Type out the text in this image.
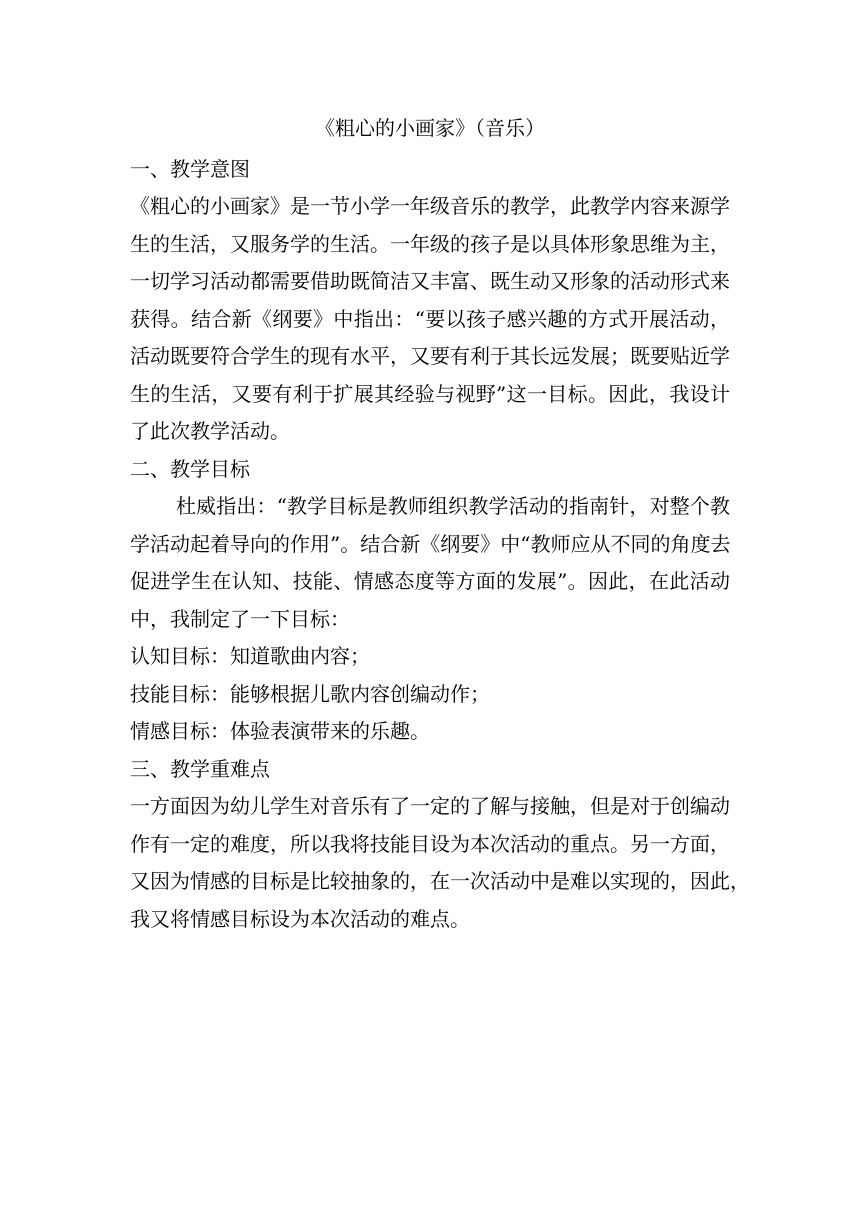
《粗心的小画家》（音乐）
一、教学意图
《粗心的小画家》是一节小学一年级音乐的教学，此教学内容来源学
生的生活，又服务学的生活。一年级的孩子是以具体形象思维为主，
一切学习活动都需要借助既简洁又丰富、既生动又形象的活动形式来
获得。结合新《纲要》中指出：“要以孩子感兴趣的方式开展活动，
活动既要符合学生的现有水平，又要有利于其长远发展；既要贴近学
生的生活，又要有利于扩展其经验与视野”这一目标。因此，我设计
了此次教学活动。
二、教学目标
杜威指出：“教学目标是教师组织教学活动的指南针，对整个教
学活动起着导向的作用”。结合新《纲要》中“教师应从不同的角度去
促进学生在认知、技能、情感态度等方面的发展”。因此，在此活动
中，我制定了一下目标：
认知目标：知道歌曲内容；
技能目标：能够根据儿歌内容创编动作；
情感目标：体验表演带来的乐趣。
三、教学重难点
一方面因为幼儿学生对音乐有了一定的了解与接触，但是对于创编动
作有一定的难度，所以我将技能目设为本次活动的重点。另一方面，
又因为情感的目标是比较抽象的，在一次活动中是难以实现的，因此，
我又将情感目标设为本次活动的难点。
